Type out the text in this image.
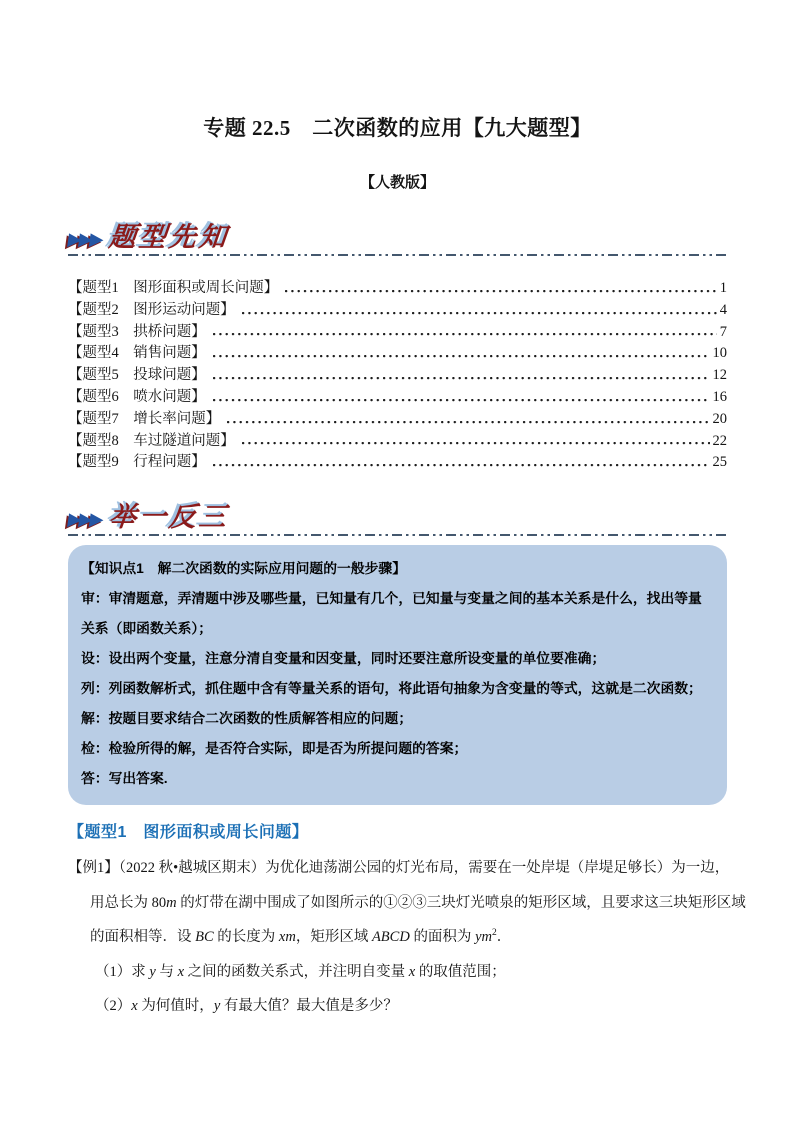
专题 22.5　二次函数的应用【九大题型】
【人教版】
▶▶▶ 题型先知
【题型1　图形面积或周长问题】	1
【题型2　图形运动问题】	4
【题型3　拱桥问题】	7
【题型4　销售问题】	10
【题型5　投球问题】	12
【题型6　喷水问题】	16
【题型7　增长率问题】	20
【题型8　车过隧道问题】	22
【题型9　行程问题】	25
▶▶▶ 举一反三
【知识点1　解二次函数的实际应用问题的一般步骤】
审：审清题意，弄清题中涉及哪些量，已知量有几个，已知量与变量之间的基本关系是什么，找出等量关系（即函数关系）；
设：设出两个变量，注意分清自变量和因变量，同时还要注意所设变量的单位要准确；
列：列函数解析式，抓住题中含有等量关系的语句，将此语句抽象为含变量的等式，这就是二次函数；
解：按题目要求结合二次函数的性质解答相应的问题；
检：检验所得的解，是否符合实际，即是否为所提问题的答案；
答：写出答案.
【题型1　图形面积或周长问题】
【例1】（2022 秋•越城区期末）为优化迪荡湖公园的灯光布局，需要在一处岸堤（岸堤足够长）为一边，
用总长为 80m 的灯带在湖中围成了如图所示的①②③三块灯光喷泉的矩形区域，且要求这三块矩形区域
的面积相等．设 BC 的长度为 xm，矩形区域 ABCD 的面积为 $ym^2$．
（1）求 y 与 x 之间的函数关系式，并注明自变量 x 的取值范围；
（2）x 为何值时，y 有最大值？最大值是多少？
